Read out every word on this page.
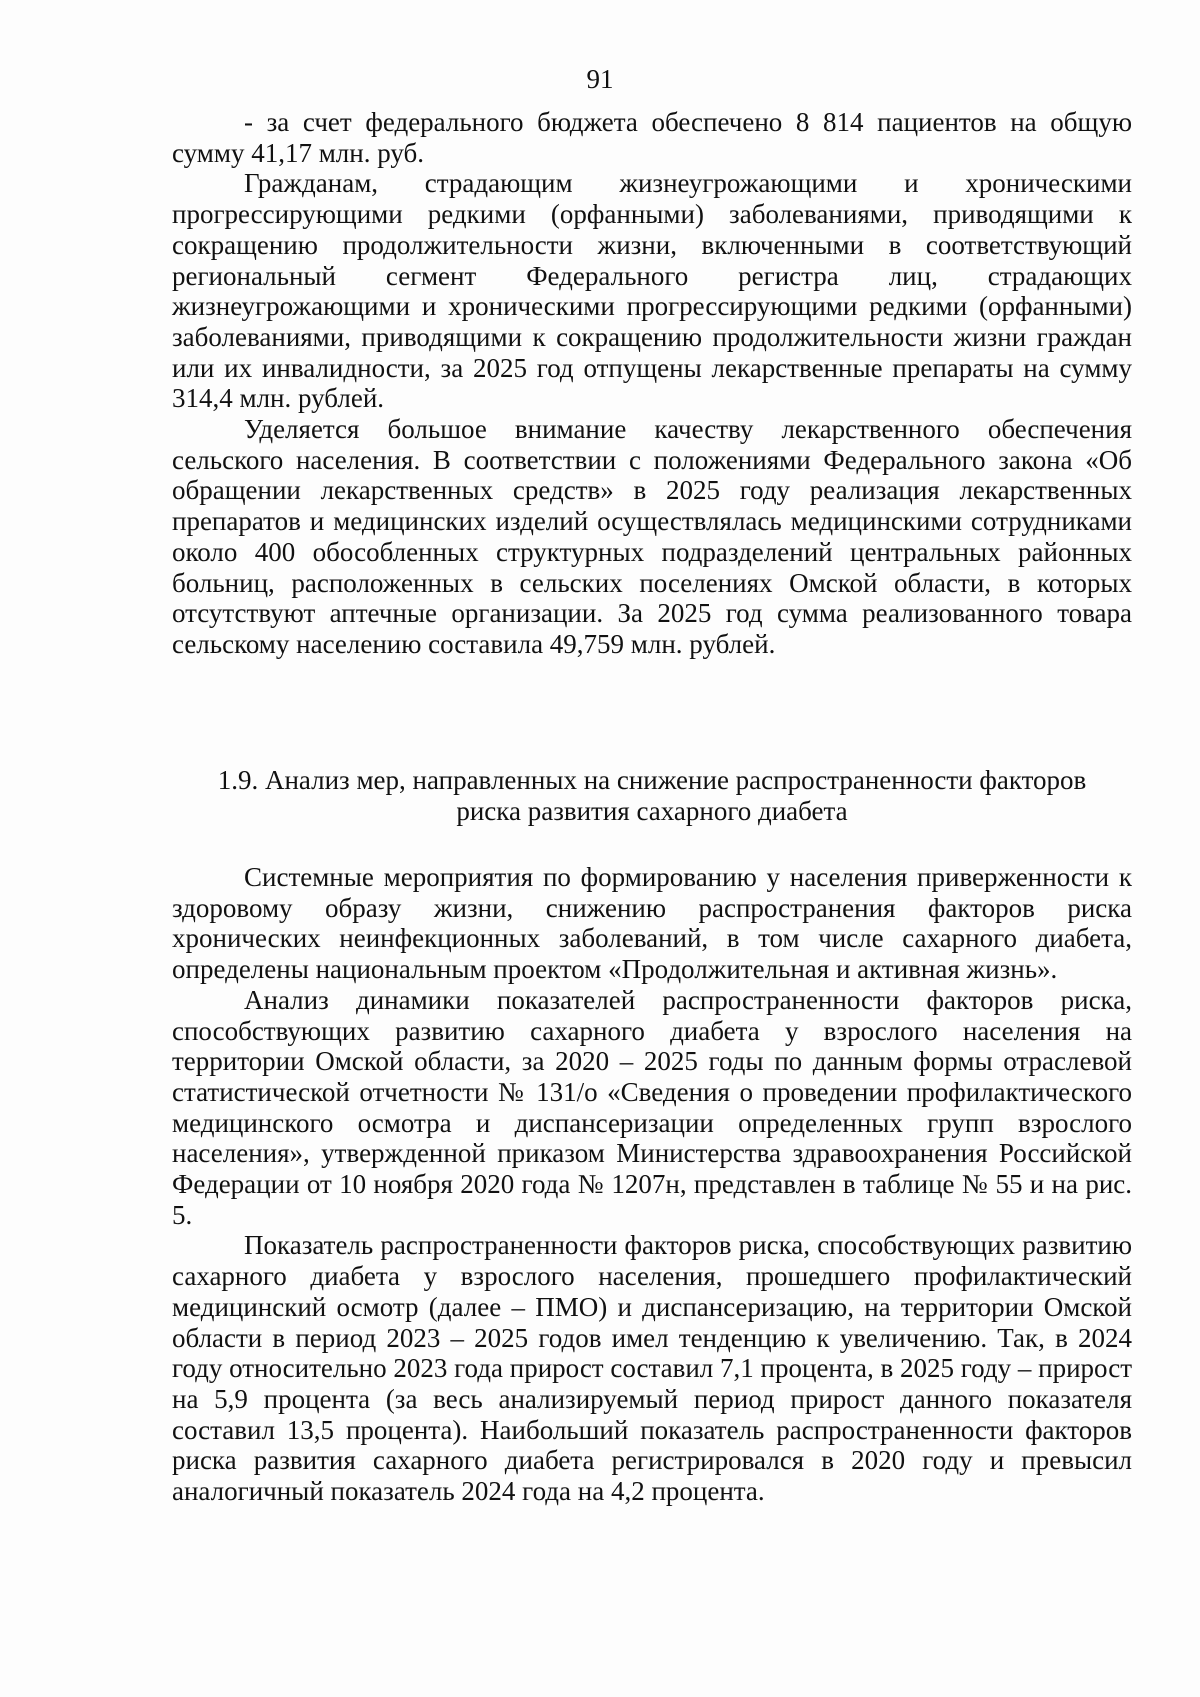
91

- за счет федерального бюджета обеспечено 8 814 пациентов на общую сумму 41,17 млн. руб.

Гражданам, страдающим жизнеугрожающими и хроническими прогрессирующими редкими (орфанными) заболеваниями, приводящими к сокращению продолжительности жизни, включенными в соответствующий региональный сегмент Федерального регистра лиц, страдающих жизнеугрожающими и хроническими прогрессирующими редкими (орфанными) заболеваниями, приводящими к сокращению продолжительности жизни граждан или их инвалидности, за 2025 год отпущены лекарственные препараты на сумму 314,4 млн. рублей.

Уделяется большое внимание качеству лекарственного обеспечения сельского населения. В соответствии с положениями Федерального закона «Об обращении лекарственных средств» в 2025 году реализация лекарственных препаратов и медицинских изделий осуществлялась медицинскими сотрудниками около 400 обособленных структурных подразделений центральных районных больниц, расположенных в сельских поселениях Омской области, в которых отсутствуют аптечные организации. За 2025 год сумма реализованного товара сельскому населению составила 49,759 млн. рублей.

1.9. Анализ мер, направленных на снижение распространенности факторов
риска развития сахарного диабета

Системные мероприятия по формированию у населения приверженности к здоровому образу жизни, снижению распространения факторов риска хронических неинфекционных заболеваний, в том числе сахарного диабета, определены национальным проектом «Продолжительная и активная жизнь».

Анализ динамики показателей распространенности факторов риска, способствующих развитию сахарного диабета у взрослого населения на территории Омской области, за 2020 – 2025 годы по данным формы отраслевой статистической отчетности № 131/о «Сведения о проведении профилактического медицинского осмотра и диспансеризации определенных групп взрослого населения», утвержденной приказом Министерства здравоохранения Российской Федерации от 10 ноября 2020 года № 1207н, представлен в таблице № 55 и на рис. 5.

Показатель распространенности факторов риска, способствующих развитию сахарного диабета у взрослого населения, прошедшего профилактический медицинский осмотр (далее – ПМО) и диспансеризацию, на территории Омской области в период 2023 – 2025 годов имел тенденцию к увеличению. Так, в 2024 году относительно 2023 года прирост составил 7,1 процента, в 2025 году – прирост на 5,9 процента (за весь анализируемый период прирост данного показателя составил 13,5 процента). Наибольший показатель распространенности факторов риска развития сахарного диабета регистрировался в 2020 году и превысил аналогичный показатель 2024 года на 4,2 процента.
